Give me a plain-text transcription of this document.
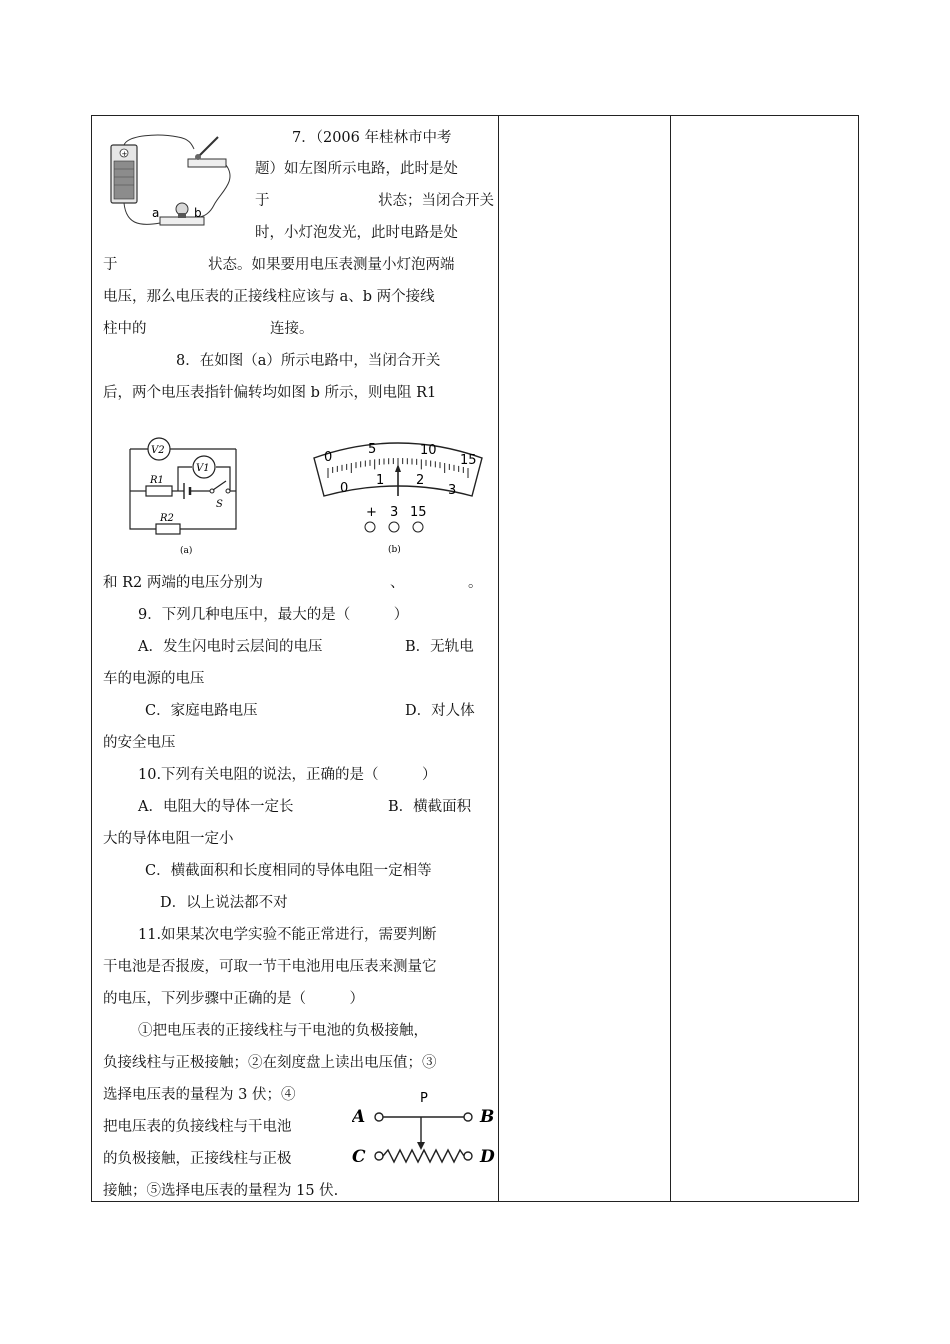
+
a	b
7．（2006 年桂林市中考
题）如左图所示电路，此时是处
于	状态；当闭合开关
时，小灯泡发光，此时电路是处
于	状态。如果要用电压表测量小灯泡两端
电压，那么电压表的正接线柱应该与 a、b 两个接线
柱中的	连接。
8．在如图（a）所示电路中，当闭合开关
后，两个电压表指针偏转均如图 b 所示，则电阻 R1
V2
R1
S
V1
R2
(a)
0
5	10
15
0
1 2
3
+ 3 15
(b)
和 R2 两端的电压分别为	、	。
9．下列几种电压中，最大的是（　　　）
A．发生闪电时云层间的电压	B．无轨电
车的电源的电压
C．家庭电路电压	D．对人体
的安全电压
10.下列有关电阻的说法，正确的是（　　　）
A．电阻大的导体一定长	B．横截面积
大的导体电阻一定小
C．横截面积和长度相同的导体电阻一定相等
D．以上说法都不对
11.如果某次电学实验不能正常进行，需要判断
干电池是否报废，可取一节干电池用电压表来测量它
的电压，下列步骤中正确的是（　　　）
①把电压表的正接线柱与干电池的负极接触，
负接线柱与正极接触；②在刻度盘上读出电压值；③
选择电压表的量程为 3 伏；④
把电压表的负接线柱与干电池
的负极接触，正接线柱与正极
接触；⑤选择电压表的量程为 15 伏.
P
A	B
C	D
